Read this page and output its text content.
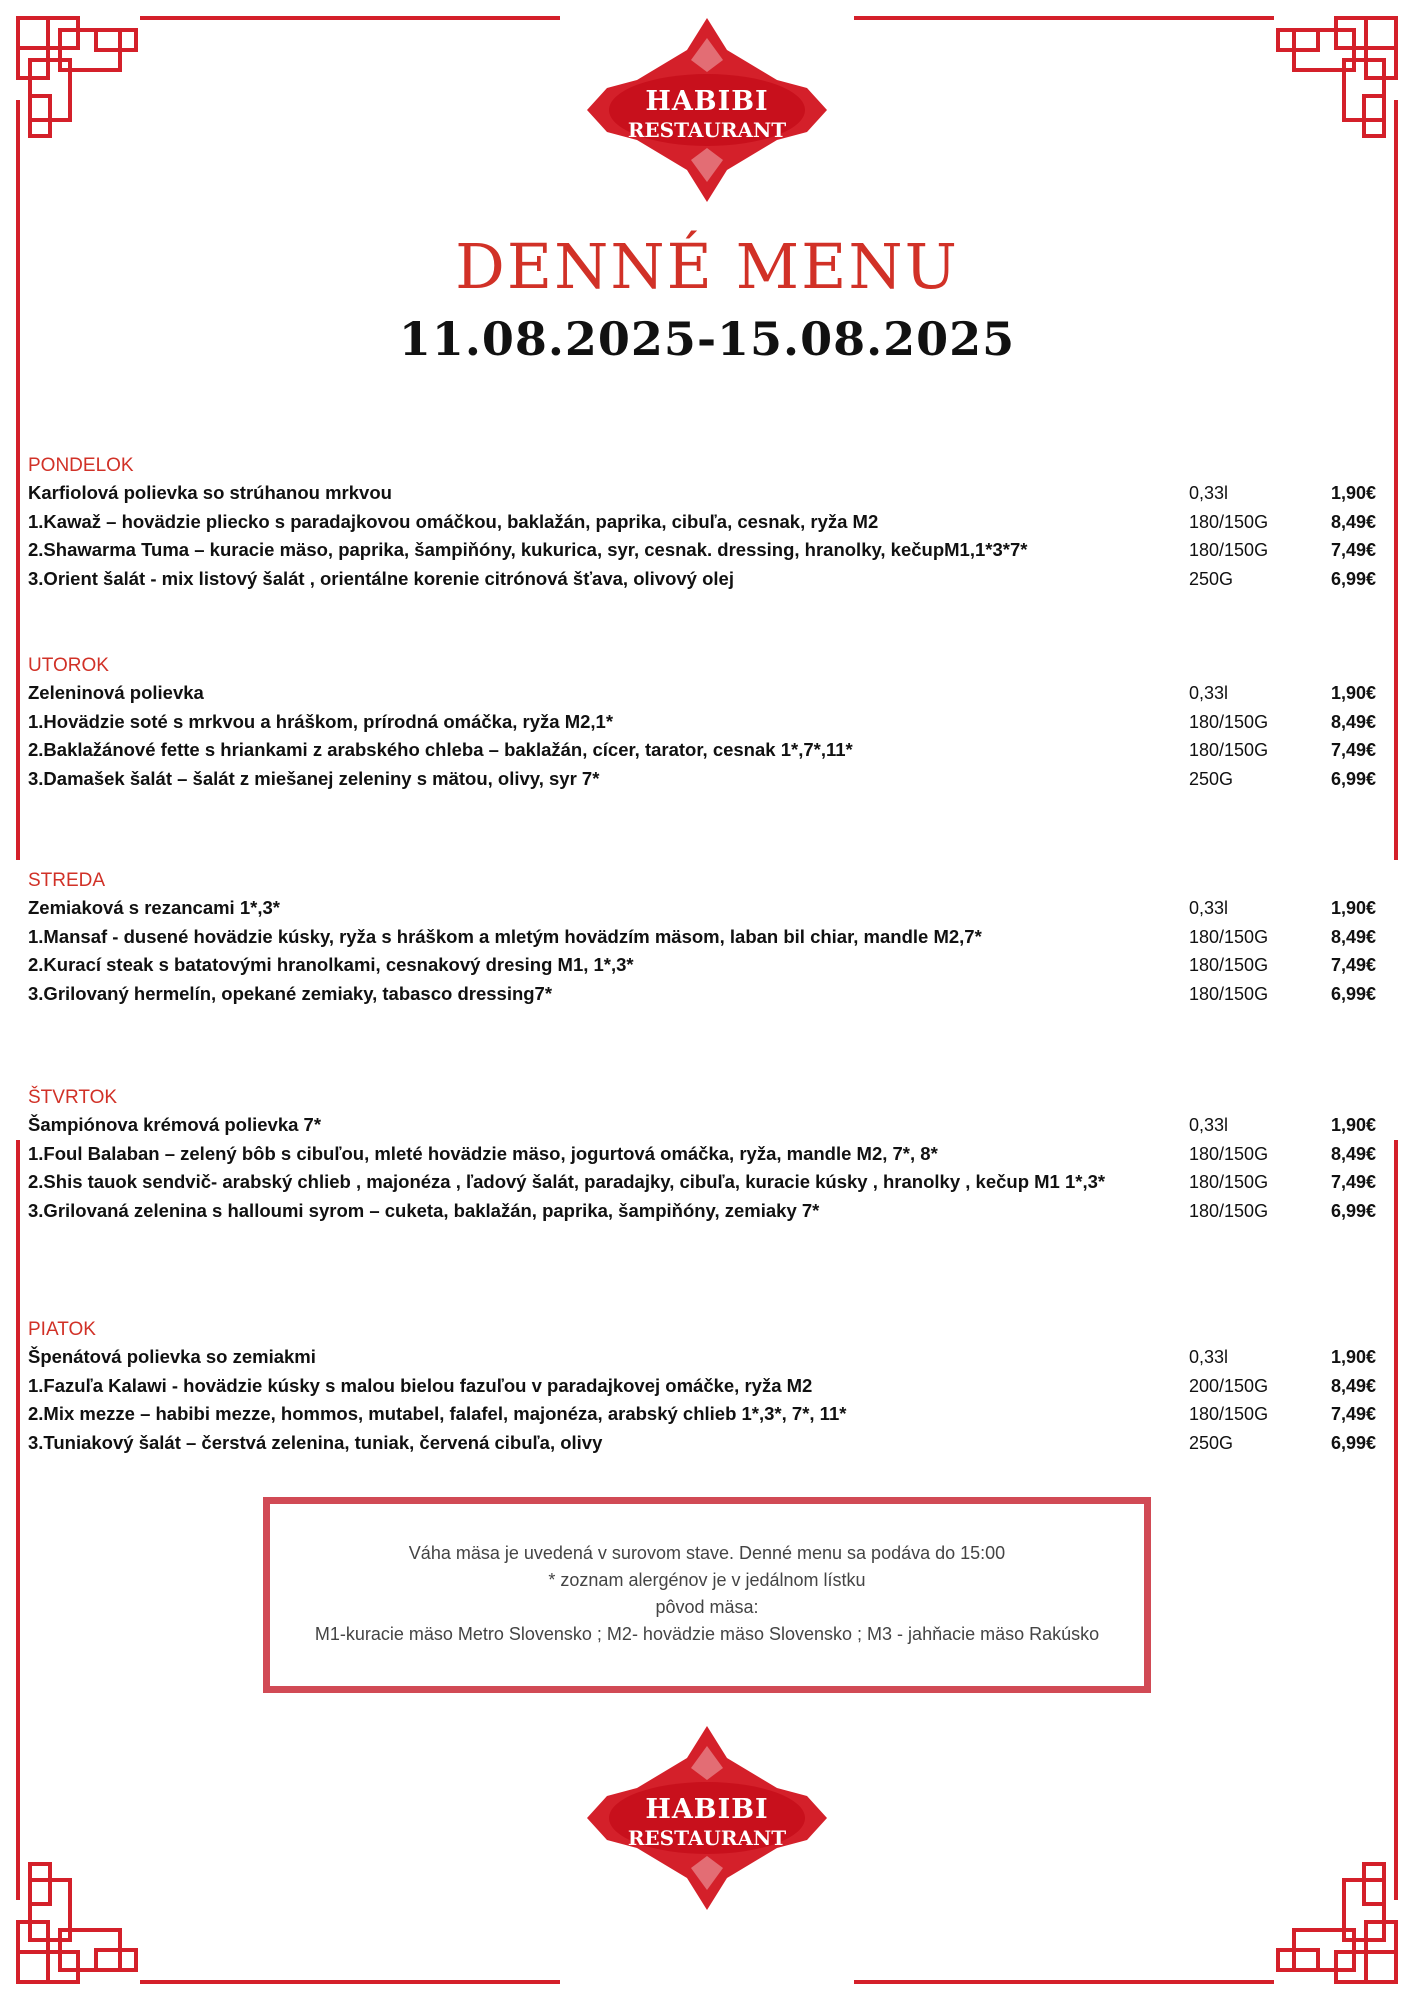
HABIBI
RESTAURANT
DENNÉ MENU
11.08.2025-15.08.2025
PONDELOK
Karfiolová polievka so strúhanou mrkvou	0,33l	1,90€
1.Kawaž – hovädzie pliecko s paradajkovou omáčkou, baklažán, paprika, cibuľa, cesnak, ryža M2	180/150G	8,49€
2.Shawarma Tuma – kuracie mäso, paprika, šampiňóny, kukurica, syr, cesnak. dressing, hranolky, kečupM1,1*3*7*	180/150G	7,49€
3.Orient šalát - mix listový šalát , orientálne korenie citrónová šťava, olivový olej	250G	6,99€
UTOROK
Zeleninová polievka	0,33l	1,90€
1.Hovädzie soté s mrkvou a hráškom, prírodná omáčka, ryža M2,1*	180/150G	8,49€
2.Baklažánové fette s hriankami z arabského chleba – baklažán, cícer, tarator, cesnak 1*,7*,11*	180/150G	7,49€
3.Damašek šalát – šalát z miešanej zeleniny s mätou, olivy, syr 7*	250G	6,99€
STREDA
Zemiaková s rezancami 1*,3*	0,33l	1,90€
1.Mansaf - dusené hovädzie kúsky, ryža s hráškom a mletým hovädzím mäsom, laban bil chiar, mandle M2,7*	180/150G	8,49€
2.Kurací steak s batatovými hranolkami, cesnakový dresing M1, 1*,3*	180/150G	7,49€
3.Grilovaný hermelín, opekané zemiaky, tabasco dressing7*	180/150G	6,99€
ŠTVRTOK
Šampiónova krémová polievka 7*	0,33l	1,90€
1.Foul Balaban – zelený bôb s cibuľou, mleté hovädzie mäso, jogurtová omáčka, ryža, mandle M2, 7*, 8*	180/150G	8,49€
2.Shis tauok sendvič- arabský chlieb , majonéza , ľadový šalát, paradajky, cibuľa, kuracie kúsky , hranolky , kečup M1 1*,3*	180/150G	7,49€
3.Grilovaná zelenina s halloumi syrom – cuketa, baklažán, paprika, šampiňóny, zemiaky 7*	180/150G	6,99€
PIATOK
Špenátová polievka so zemiakmi	0,33l	1,90€
1.Fazuľa Kalawi - hovädzie kúsky s malou bielou fazuľou v paradajkovej omáčke, ryža M2	200/150G	8,49€
2.Mix mezze – habibi mezze, hommos, mutabel, falafel, majonéza, arabský chlieb 1*,3*, 7*, 11*	180/150G	7,49€
3.Tuniakový šalát – čerstvá zelenina, tuniak, červená cibuľa, olivy	250G	6,99€
Váha mäsa je uvedená v surovom stave. Denné menu sa podáva do 15:00
* zoznam alergénov je v jedálnom lístku
pôvod mäsa:
M1-kuracie mäso Metro Slovensko ; M2- hovädzie mäso Slovensko ; M3 - jahňacie mäso Rakúsko
HABIBI
RESTAURANT
